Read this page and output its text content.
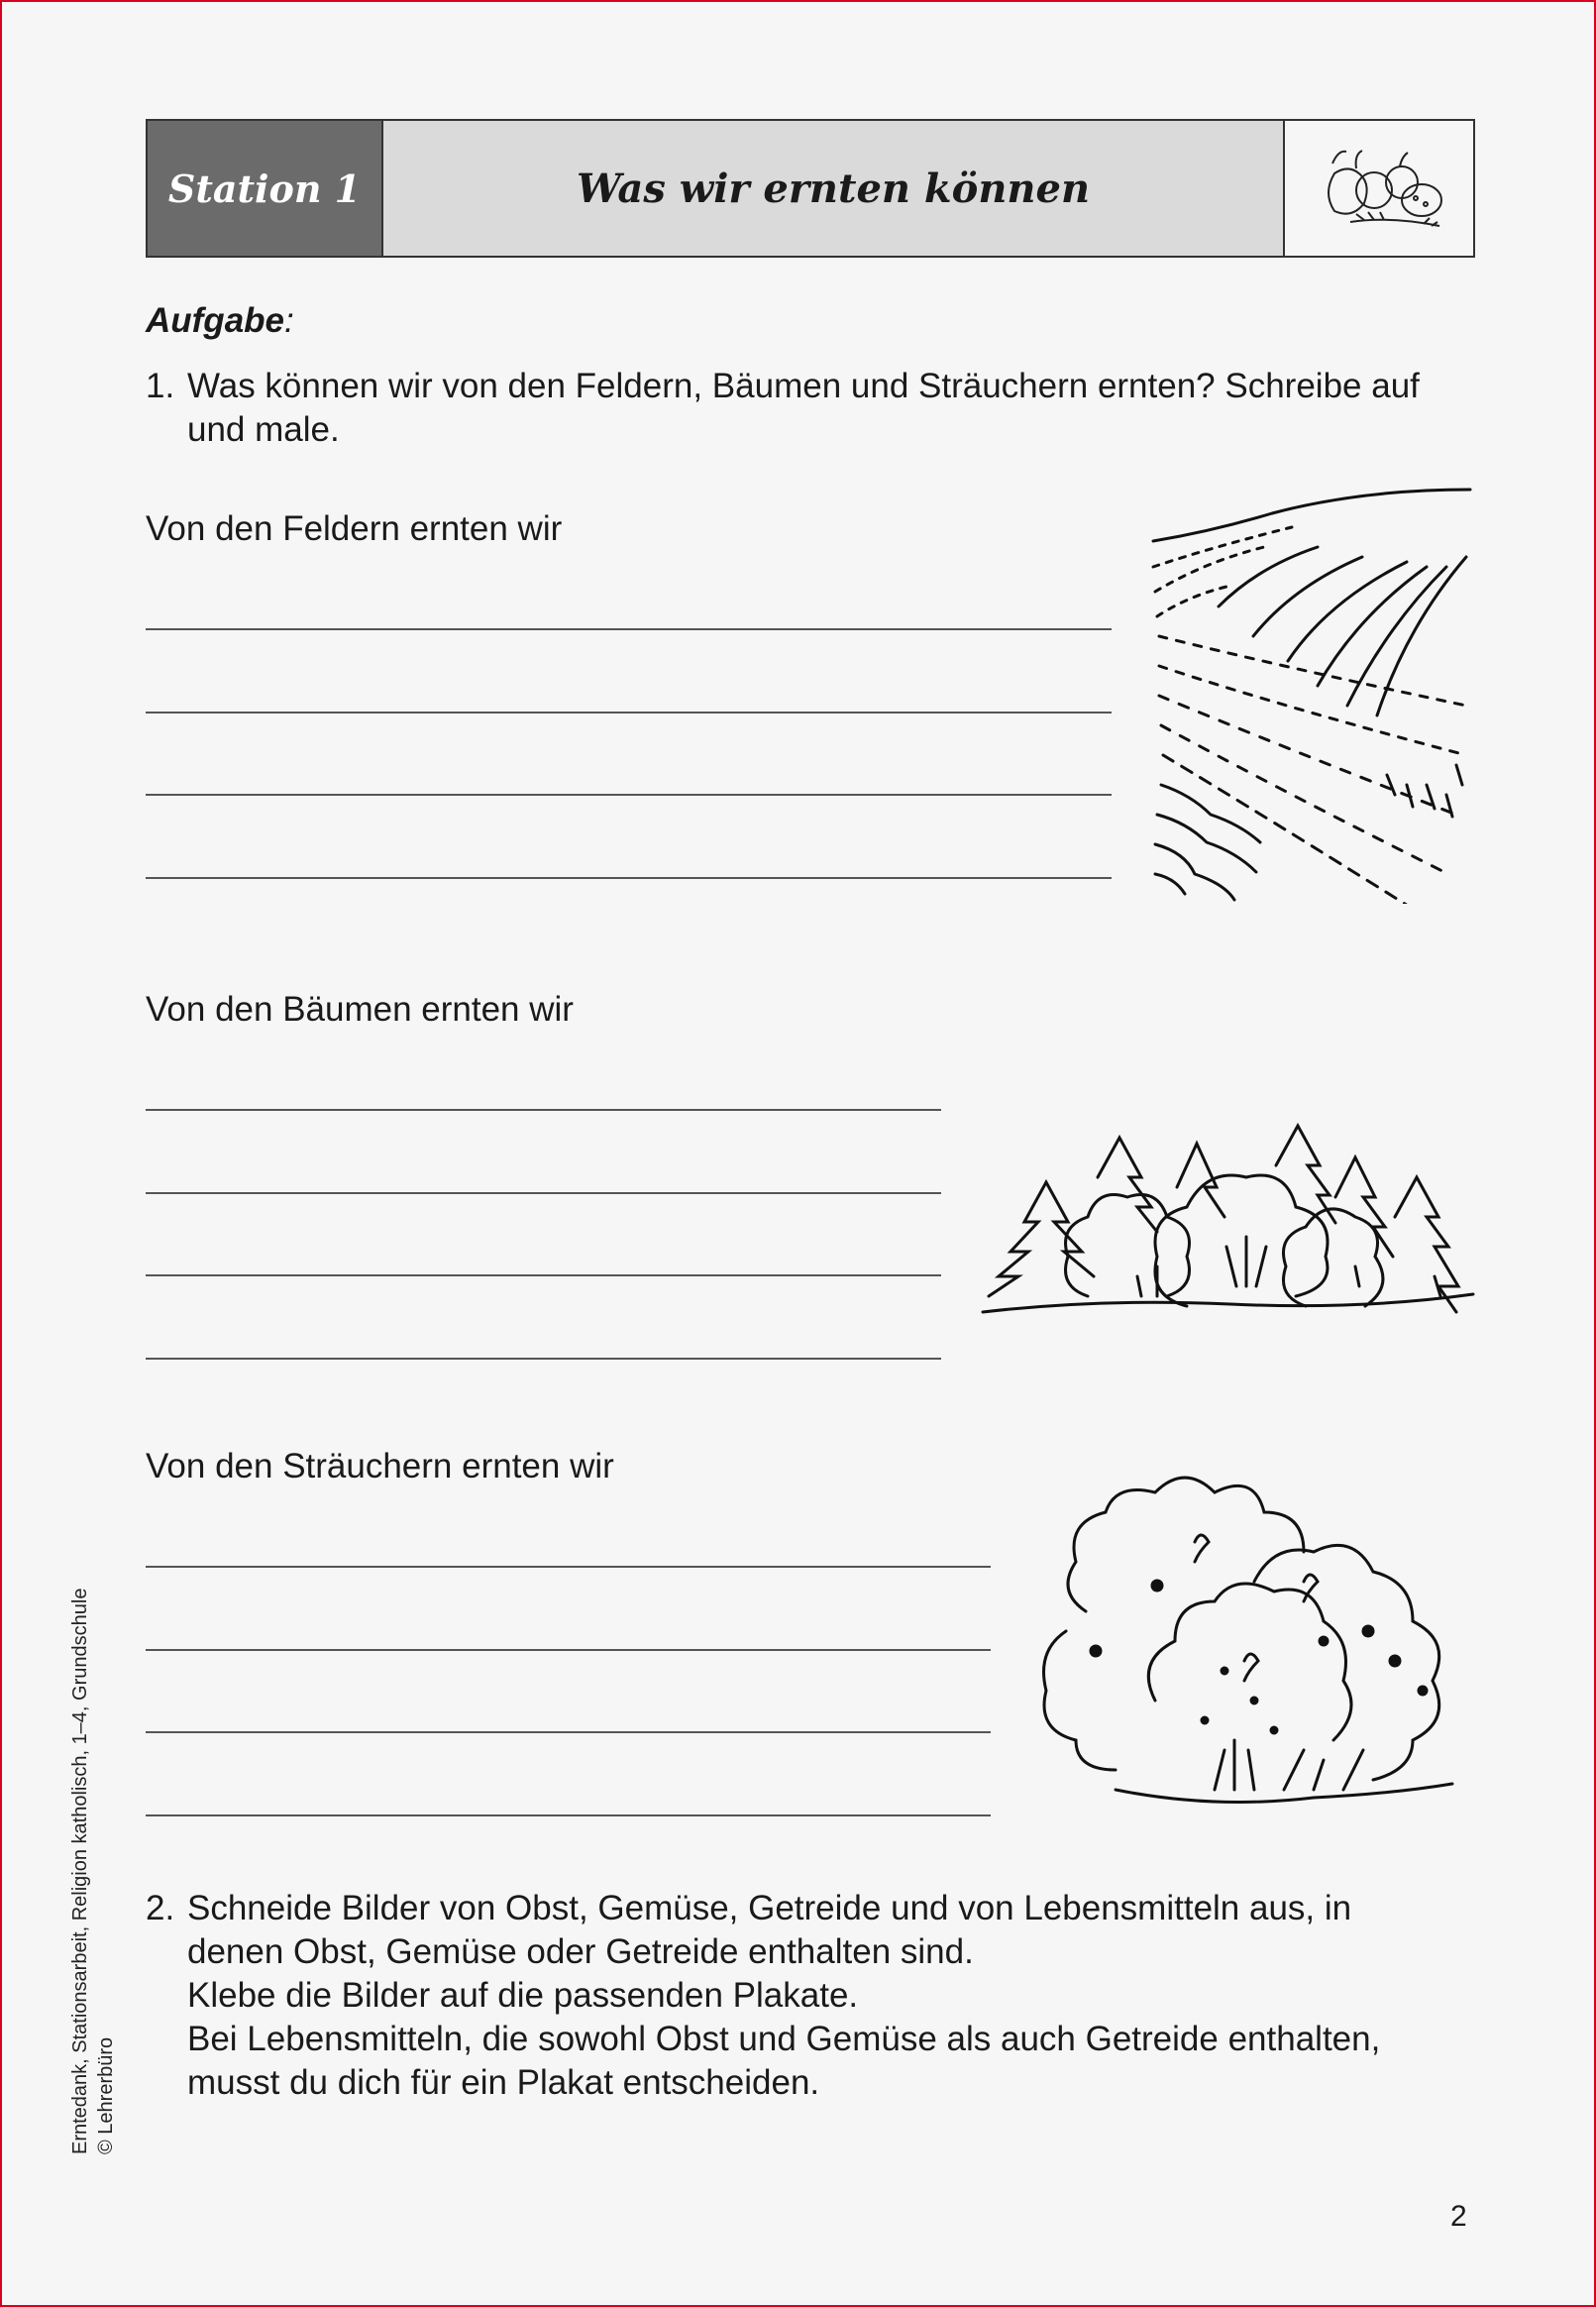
Station 1	Was wir ernten können
Aufgabe:
1. Was können wir von den Feldern, Bäumen und Sträuchern ernten? Schreibe auf und male.
Von den Feldern ernten wir
Von den Bäumen ernten wir
Von den Sträuchern ernten wir
2. Schneide Bilder von Obst, Gemüse, Getreide und von Lebensmitteln aus, in
denen Obst, Gemüse oder Getreide enthalten sind.
Klebe die Bilder auf die passenden Plakate.
Bei Lebensmitteln, die sowohl Obst und Gemüse als auch Getreide enthalten,
musst du dich für ein Plakat entscheiden.
Erntedank, Stationsarbeit, Religion katholisch, 1–4, Grundschule © Lehrerbüro
2
